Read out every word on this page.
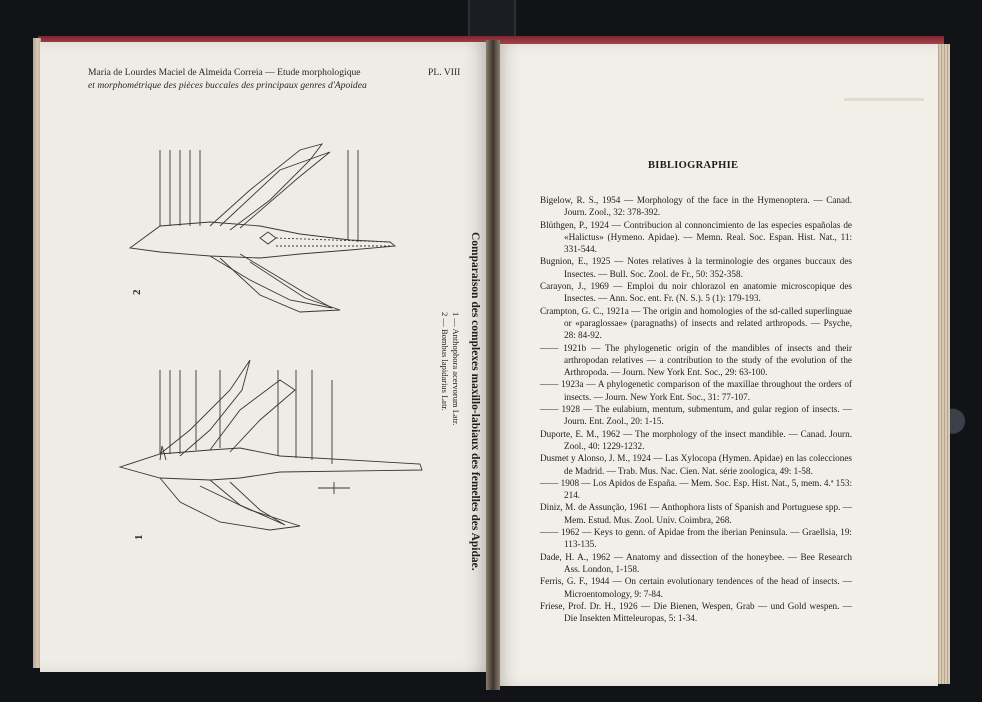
Maria de Lourdes Maciel de Almeida Correia — Etude morphologique
et morphométrique des pièces buccales des principaux genres d'Apoidea
PL. VIII
2
1	Comparaison des complexes maxillo-labiaux des femelles des Apidae.
1 — Anthophora acervorum Latr.
2 — Bombus lapidarius Latr.
BIBLIOGRAPHIE

Bigelow, R. S., 1954 — Morphology of the face in the Hymenoptera. — Canad. Journ. Zool., 32: 378-392.

Blüthgen, P., 1924 — Contribucion al connoncimiento de las especies españolas de «Halictus» (Hymeno. Apidae). — Memn. Real. Soc. Espan. Hist. Nat., 11: 331-544.

Bugnion, E., 1925 — Notes relatives à la terminologie des organes buccaux des Insectes. — Bull. Soc. Zool. de Fr., 50: 352-358.

Carayon, J., 1969 — Emploi du noir chlorazol en anatomie microscopique des Insectes. — Ann. Soc. ent. Fr. (N. S.). 5 (1): 179-193.

Crampton, G. C., 1921a — The origin and homologies of the sd-called superlinguae or «paraglossae» (paragnaths) of insects and related arthropods. — Psyche, 28: 84-92.

—— 1921b — The phylogenetic origin of the mandibles of insects and their arthropodan relatives — a contribution to the study of the evolution of the Arthropoda. — Journ. New York Ent. Soc., 29: 63-100.

—— 1923a — A phylogenetic comparison of the maxillae throughout the orders of insects. — Journ. New York Ent. Soc., 31: 77-107.

—— 1928 — The eulabium, mentum, submentum, and gular region of insects. — Journ. Ent. Zool., 20: 1-15.

Duporte, E. M., 1962 — The morphology of the insect mandible. — Canad. Journ. Zool., 40: 1229-1232.

Dusmet y Alonso, J. M., 1924 — Las Xylocopa (Hymen. Apidae) en las colecciones de Madrid. — Trab. Mus. Nac. Cien. Nat. série zoologica, 49: 1-58.

—— 1908 — Los Apidos de España. — Mem. Soc. Esp. Hist. Nat., 5, mem. 4.ª 153: 214.

Diniz, M. de Assunção, 1961 — Anthophora lists of Spanish and Portuguese spp. — Mem. Estud. Mus. Zool. Univ. Coimbra, 268.

—— 1962 — Keys to genn. of Apidae from the iberian Peninsula. — Graellsia, 19: 113-135.

Dade, H. A., 1962 — Anatomy and dissection of the honeybee. — Bee Research Ass. London, 1-158.

Ferris, G. F., 1944 — On certain evolutionary tendences of the head of insects. — Microentomology, 9: 7-84.

Friese, Prof. Dr. H., 1926 — Die Bienen, Wespen, Grab — und Gold wespen. — Die Insekten Mitteleuropas, 5: 1-34.
